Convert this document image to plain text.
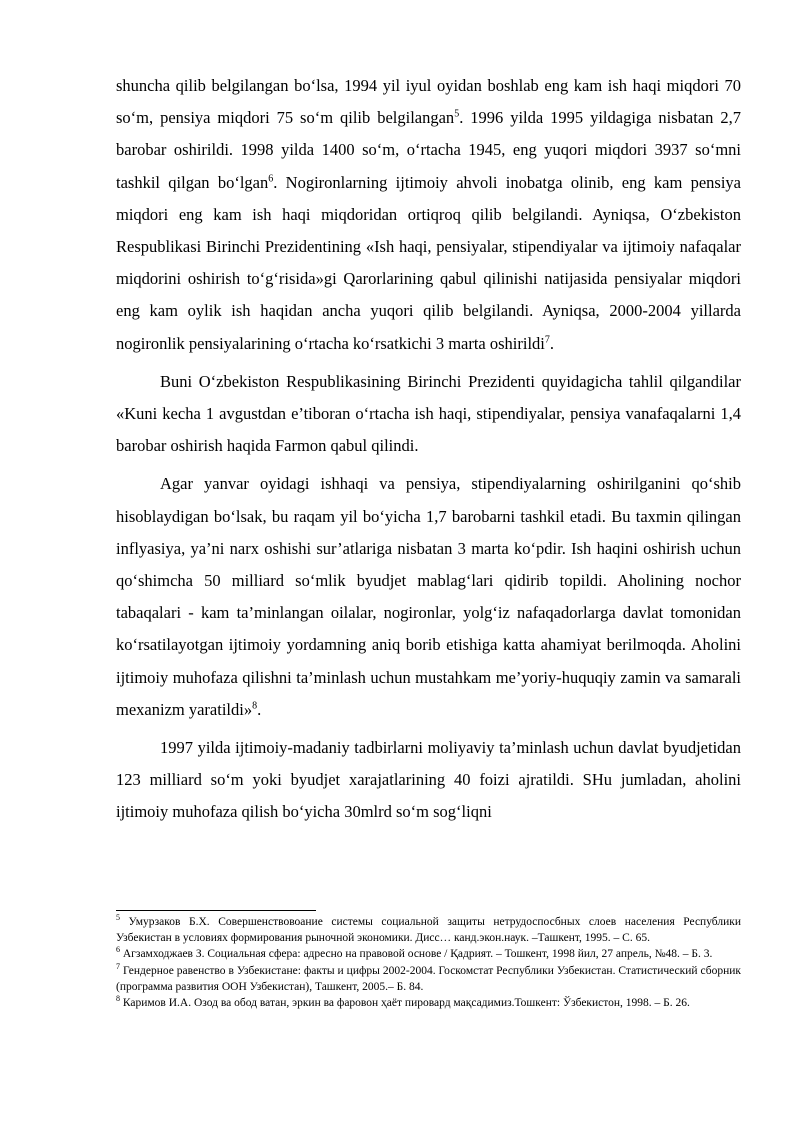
shuncha qilib belgilangan bo‘lsa, 1994 yil iyul oyidan boshlab eng kam ish haqi miqdori 70 so‘m, pensiya miqdori 75 so‘m qilib belgilangan$^5$. 1996 yilda 1995 yildagiga nisbatan 2,7 barobar oshirildi. 1998 yilda 1400 so‘m, o‘rtacha 1945, eng yuqori miqdori 3937 so‘mni tashkil qilgan bo‘lgan$^6$. Nogironlarning ijtimoiy ahvoli inobatga olinib, eng kam pensiya miqdori eng kam ish haqi miqdoridan ortiqroq qilib belgilandi. Ayniqsa, O‘zbekiston Respublikasi Birinchi Prezidentining «Ish haqi, pensiyalar, stipendiyalar va ijtimoiy nafaqalar miqdorini oshirish to‘g‘risida»gi Qarorlarining qabul qilinishi natijasida pensiyalar miqdori eng kam oylik ish haqidan ancha yuqori qilib belgilandi. Ayniqsa, 2000-2004 yillarda nogironlik pensiyalarining o‘rtacha ko‘rsatkichi 3 marta oshirildi$^7$.

Buni O‘zbekiston Respublikasining Birinchi Prezidenti quyidagicha tahlil qilgandilar «Kuni kecha 1 avgustdan e’tiboran o‘rtacha ish haqi, stipendiyalar, pensiya vanafaqalarni 1,4 barobar oshirish haqida Farmon qabul qilindi.

Agar yanvar oyidagi ishhaqi va pensiya, stipendiyalarning oshirilganini qo‘shib hisoblaydigan bo‘lsak, bu raqam yil bo‘yicha 1,7 barobarni tashkil etadi. Bu taxmin qilingan inflyasiya, ya’ni narx oshishi sur’atlariga nisbatan 3 marta ko‘pdir. Ish haqini oshirish uchun qo‘shimcha 50 milliard so‘mlik byudjet mablag‘lari qidirib topildi. Aholining nochor tabaqalari - kam ta’minlangan oilalar, nogironlar, yolg‘iz nafaqadorlarga davlat tomonidan ko‘rsatilayotgan ijtimoiy yordamning aniq borib etishiga katta ahamiyat berilmoqda. Aholini ijtimoiy muhofaza qilishni ta’minlash uchun mustahkam me’yoriy-huquqiy zamin va samarali mexanizm yaratildi»$^8$.

1997 yilda ijtimoiy-madaniy tadbirlarni moliyaviy ta’minlash uchun davlat byudjetidan 123 milliard so‘m yoki byudjet xarajatlarining 40 foizi ajratildi. SHu jumladan, aholini ijtimoiy muhofaza qilish bo‘yicha 30mlrd so‘m sog‘liqni

$^5$ Умурзаков Б.Х. Совершенствовоание системы социальной защиты нетрудоспосбных слоев населения Республики Узбекистан в условиях формирования рыночной экономики. Дисс… канд.экон.наук. –Ташкент, 1995. – С. 65.

$^6$ Агзамходжаев З. Социальная сфера: адресно на правовой основе / Қадрият. – Тошкент, 1998 йил, 27 апрель, №48. – Б. 3.

$^7$ Гендерное равенство в Узбекистане: факты и цифры 2002-2004. Госкомстат Республики Узбекистан. Статистический сборник (программа развития ООН Узбекистан), Ташкент, 2005.– Б. 84.

$^8$ Каримов И.А. Озод ва обод ватан, эркин ва фаровон ҳаёт пировард мақсадимиз.Тошкент: Ўзбекистон, 1998. – Б. 26.
